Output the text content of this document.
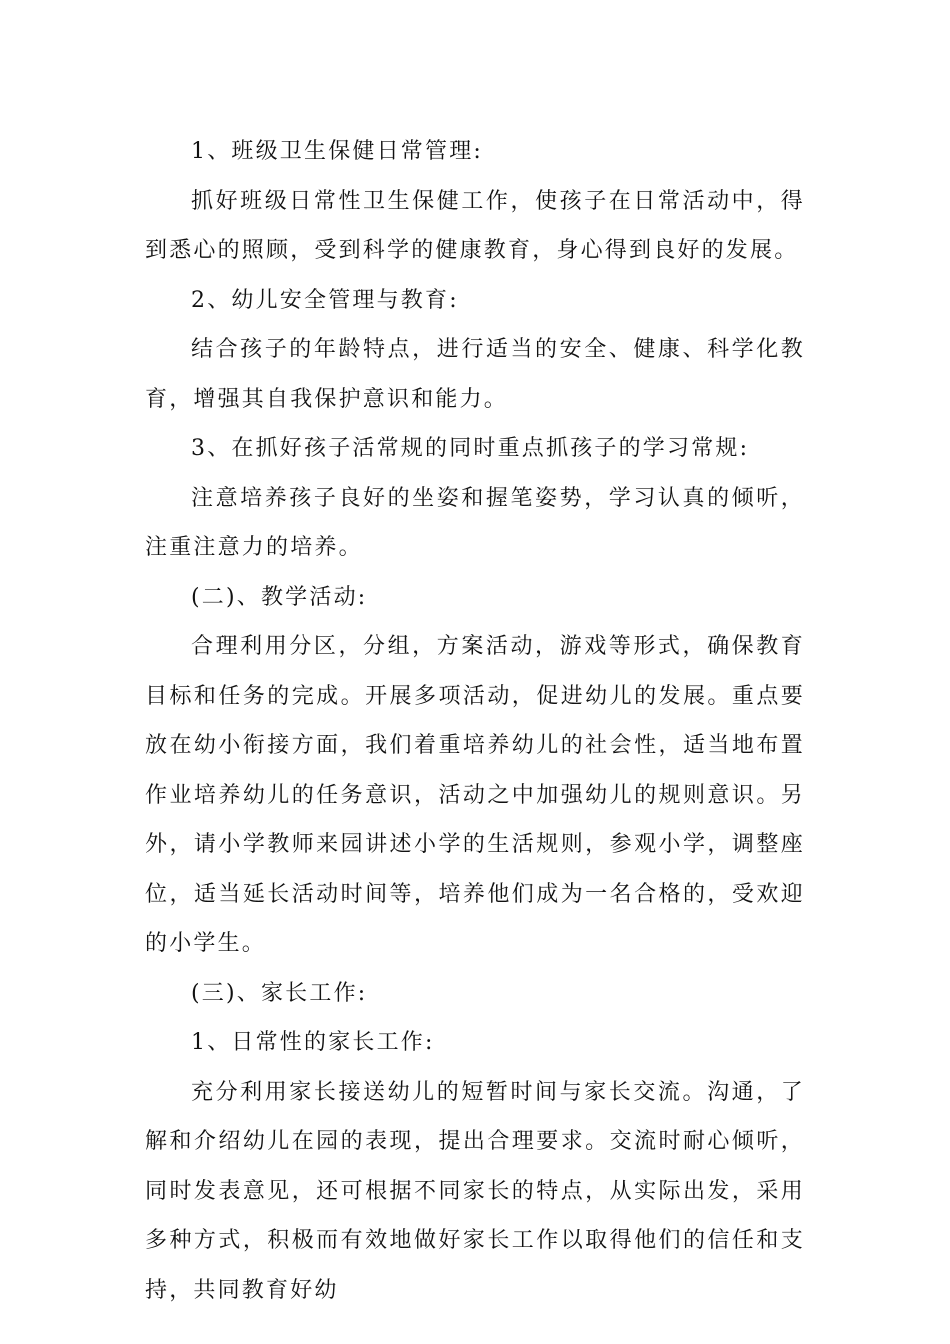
1、班级卫生保健日常管理:

抓好班级日常性卫生保健工作，使孩子在日常活动中，得到悉心的照顾，受到科学的健康教育，身心得到良好的发展。

2、幼儿安全管理与教育:

结合孩子的年龄特点，进行适当的安全、健康、科学化教育，增强其自我保护意识和能力。

3、在抓好孩子活常规的同时重点抓孩子的学习常规:

注意培养孩子良好的坐姿和握笔姿势，学习认真的倾听，注重注意力的培养。

(二)、教学活动:

合理利用分区，分组，方案活动，游戏等形式，确保教育目标和任务的完成。开展多项活动，促进幼儿的发展。重点要放在幼小衔接方面，我们着重培养幼儿的社会性，适当地布置作业培养幼儿的任务意识，活动之中加强幼儿的规则意识。另外，请小学教师来园讲述小学的生活规则，参观小学，调整座位，适当延长活动时间等，培养他们成为一名合格的，受欢迎的小学生。

(三)、家长工作:

1、日常性的家长工作:

充分利用家长接送幼儿的短暂时间与家长交流。沟通，了解和介绍幼儿在园的表现，提出合理要求。交流时耐心倾听，同时发表意见，还可根据不同家长的特点，从实际出发，采用多种方式，积极而有效地做好家长工作以取得他们的信任和支持，共同教育好幼
